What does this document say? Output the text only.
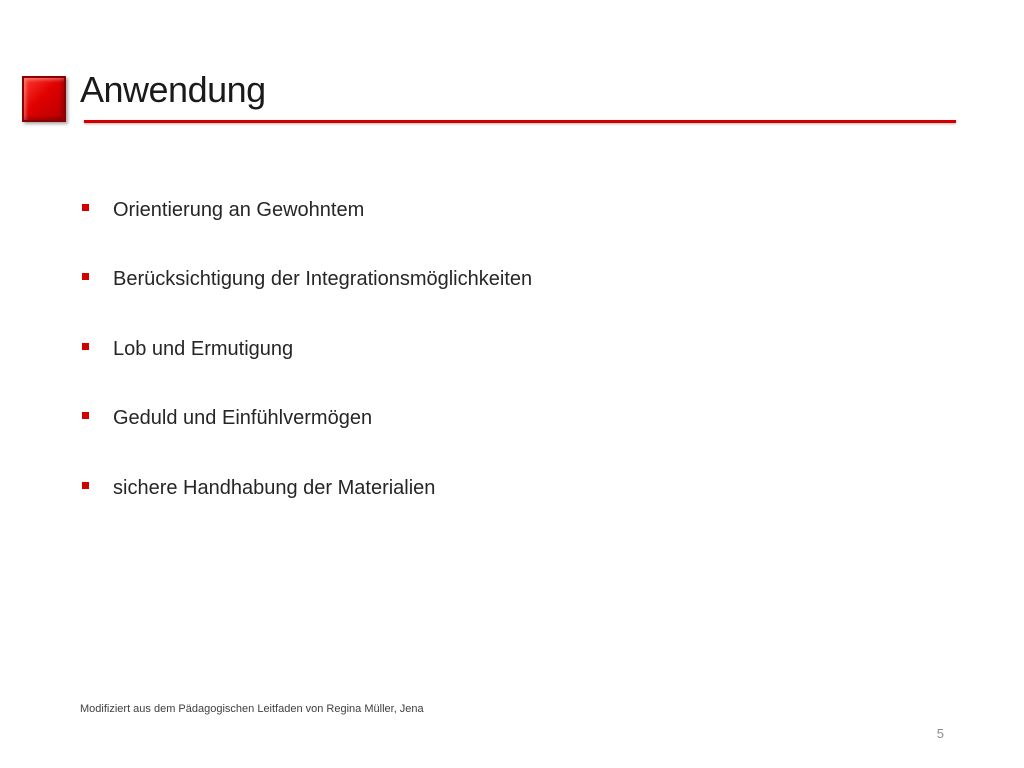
Anwendung
Orientierung an Gewohntem
Berücksichtigung der Integrationsmöglichkeiten
Lob und Ermutigung
Geduld und Einfühlvermögen
sichere Handhabung der Materialien
Modifiziert aus dem Pädagogischen Leitfaden von Regina Müller, Jena
5
